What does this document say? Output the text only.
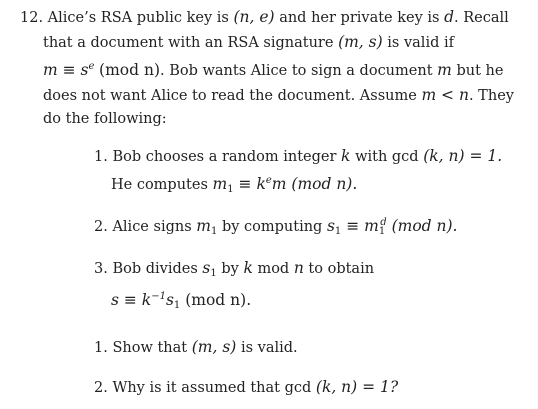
12. Alice’s RSA public key is (n, e) and her private key is d. Recall
that a document with an RSA signature (m, s) is valid if
$m \equiv s^e$ (mod n). Bob wants Alice to sign a document m but he
does not want Alice to read the document. Assume m < n. They
do the following:
1. Bob chooses a random integer k with gcd (k, n) = 1.
He computes $m_1 \equiv k^em$ (mod n).
2. Alice signs $m_1$ by computing $s_1 \equiv m_1^d$ (mod n).
3. Bob divides $s_1$ by k mod n to obtain
$s \equiv k^{-1}s_1$ (mod n).
1. Show that (m, s) is valid.
2. Why is it assumed that gcd (k, n) = 1?
